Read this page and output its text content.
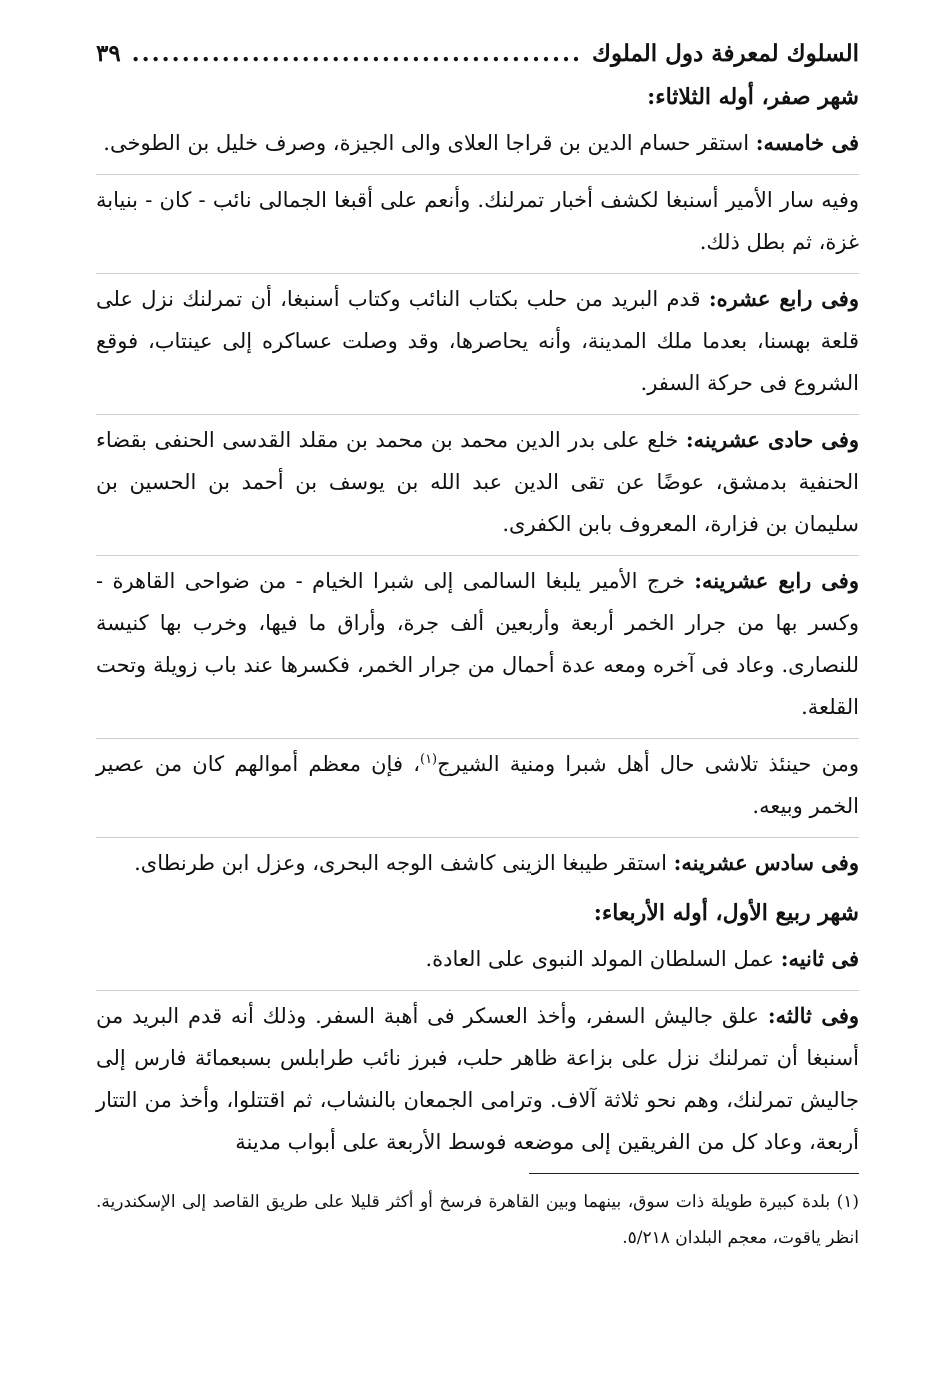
السلوك لمعرفة دول الملوك
.....
٣٩
شهر صفر، أوله الثلاثاء:

فى خامسه: استقر حسام الدين بن قراجا العلاى والى الجيزة، وصرف خليل بن الطوخى.

وفيه سار الأمير أسنبغا لكشف أخبار تمرلنك. وأنعم على أقبغا الجمالى نائب - كان - بنيابة غزة، ثم بطل ذلك.

وفى رابع عشره: قدم البريد من حلب بكتاب النائب وكتاب أسنبغا، أن تمرلنك نزل على قلعة بهسنا، بعدما ملك المدينة، وأنه يحاصرها، وقد وصلت عساكره إلى عينتاب، فوقع الشروع فى حركة السفر.

وفى حادى عشرينه: خلع على بدر الدين محمد بن محمد بن مقلد القدسى الحنفى بقضاء الحنفية بدمشق، عوضًا عن تقى الدين عبد الله بن يوسف بن أحمد بن الحسين بن سليمان بن فزارة، المعروف بابن الكفرى.

وفى رابع عشرينه: خرج الأمير يلبغا السالمى إلى شبرا الخيام - من ضواحى القاهرة - وكسر بها من جرار الخمر أربعة وأربعين ألف جرة، وأراق ما فيها، وخرب بها كنيسة للنصارى. وعاد فى آخره ومعه عدة أحمال من جرار الخمر، فكسرها عند باب زويلة وتحت القلعة.

ومن حينئذ تلاشى حال أهل شبرا ومنية الشيرج$^{(١)}$، فإن معظم أموالهم كان من عصير الخمر وبيعه.

وفى سادس عشرينه: استقر طيبغا الزينى كاشف الوجه البحرى، وعزل ابن طرنطاى.

شهر ربيع الأول، أوله الأربعاء:

فى ثانيه: عمل السلطان المولد النبوى على العادة.

وفى ثالثه: علق جاليش السفر، وأخذ العسكر فى أهبة السفر. وذلك أنه قدم البريد من أسنبغا أن تمرلنك نزل على بزاعة ظاهر حلب، فبرز نائب طرابلس بسبعمائة فارس إلى جاليش تمرلنك، وهم نحو ثلاثة آلاف. وترامى الجمعان بالنشاب، ثم اقتتلوا، وأخذ من التتار أربعة، وعاد كل من الفريقين إلى موضعه فوسط الأربعة على أبواب مدينة

(١) بلدة كبيرة طويلة ذات سوق، بينهما وبين القاهرة فرسخ أو أكثر قليلا على طريق القاصد إلى الإسكندرية. انظر ياقوت، معجم البلدان ٥/٢١٨.
